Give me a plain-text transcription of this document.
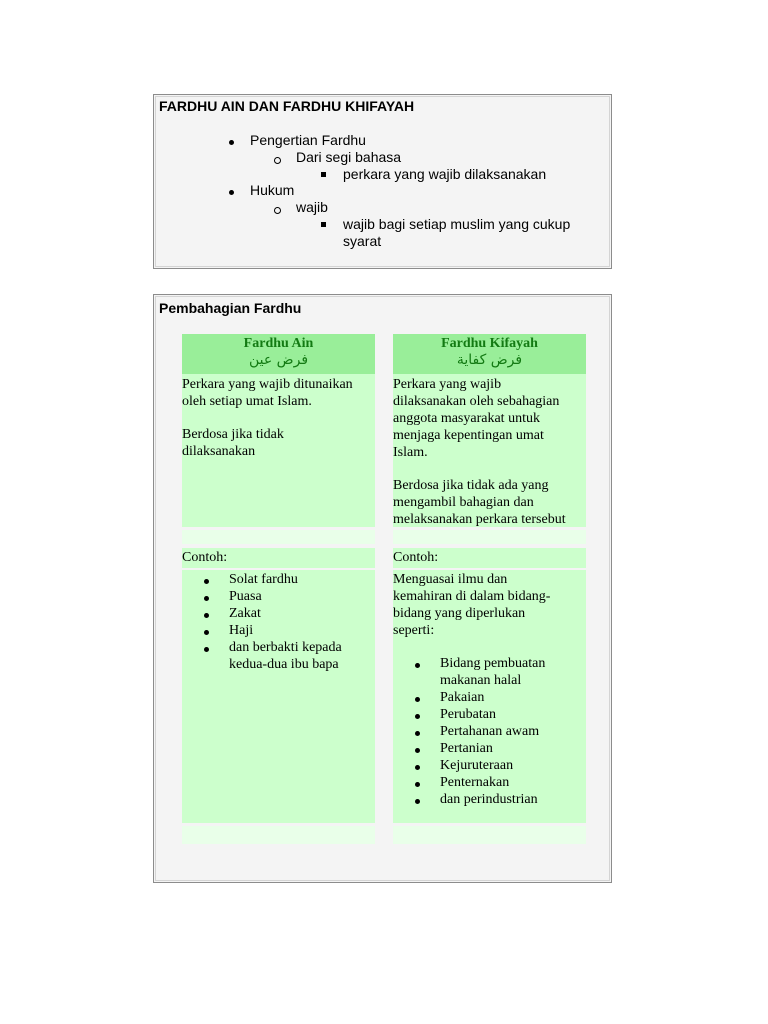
FARDHU AIN DAN FARDHU KHIFAYAH
Pengertian Fardhu
Dari segi bahasa
perkara yang wajib dilaksanakan
Hukum
wajib
wajib bagi setiap muslim yang cukup
syarat
Pembahagian Fardhu
Fardhu Ain
فرض عين
Fardhu Kifayah
فرض كفاية
Perkara yang wajib ditunaikan
oleh setiap umat Islam.
Berdosa jika tidak
dilaksanakan
Perkara yang wajib
dilaksanakan oleh sebahagian
anggota masyarakat untuk
menjaga kepentingan umat
Islam.
Berdosa jika tidak ada yang
mengambil bahagian dan
melaksanakan perkara tersebut
Contoh:	Contoh:
Solat fardhu
Puasa
Zakat
Haji
dan berbakti kepada
kedua-dua ibu bapa
Menguasai ilmu dan
kemahiran di dalam bidang-
bidang yang diperlukan
seperti:
Bidang pembuatan
makanan halal
Pakaian
Perubatan
Pertahanan awam
Pertanian
Kejuruteraan
Penternakan
dan perindustrian
